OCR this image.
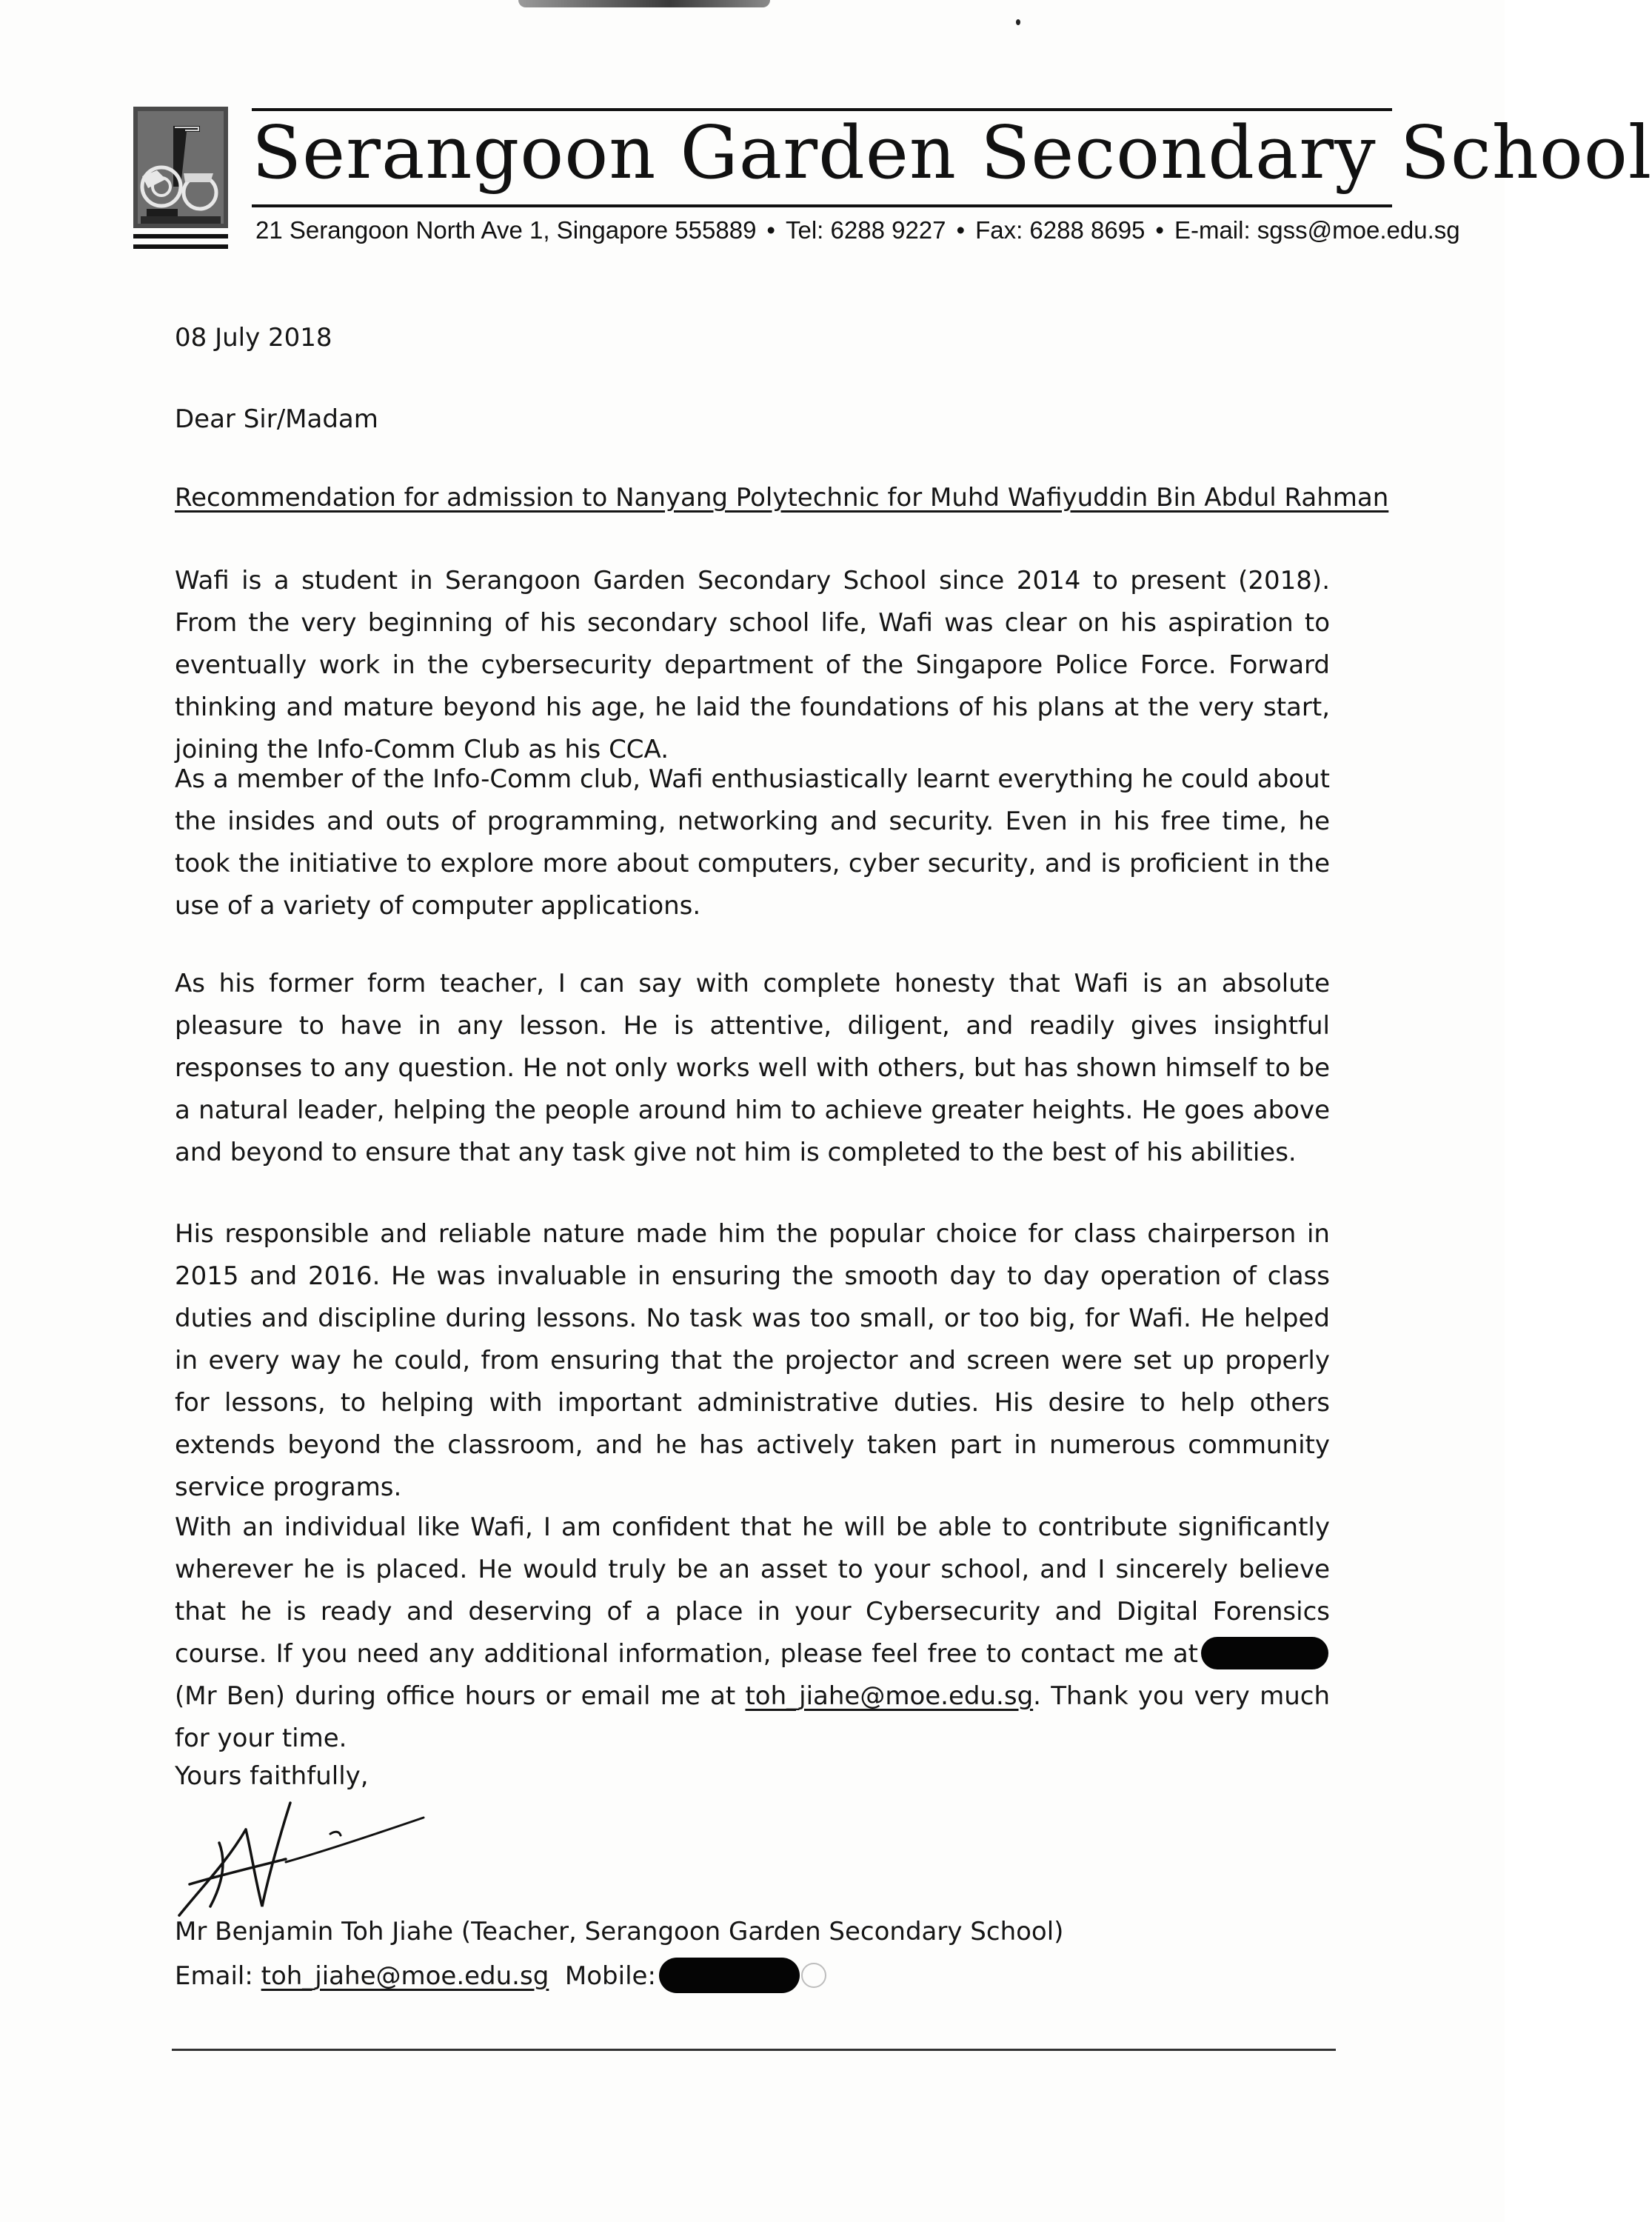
Serangoon Garden Secondary School
21 Serangoon North Ave 1, Singapore 555889 • Tel: 6288 9227 • Fax: 6288 8695 • E-mail: sgss@moe.edu.sg
08 July 2018
Dear Sir/Madam
Recommendation for admission to Nanyang Polytechnic for Muhd Wafiyuddin Bin Abdul Rahman
Wafi is a student in Serangoon Garden Secondary School since 2014 to present (2018). From the very beginning of his secondary school life, Wafi was clear on his aspiration to eventually work in the cybersecurity department of the Singapore Police Force. Forward thinking and mature beyond his age, he laid the foundations of his plans at the very start, joining the Info-Comm Club as his CCA.
As a member of the Info-Comm club, Wafi enthusiastically learnt everything he could about the insides and outs of programming, networking and security. Even in his free time, he took the initiative to explore more about computers, cyber security, and is proficient in the use of a variety of computer applications.
As his former form teacher, I can say with complete honesty that Wafi is an absolute pleasure to have in any lesson. He is attentive, diligent, and readily gives insightful responses to any question. He not only works well with others, but has shown himself to be a natural leader, helping the people around him to achieve greater heights. He goes above and beyond to ensure that any task give not him is completed to the best of his abilities.
His responsible and reliable nature made him the popular choice for class chairperson in 2015 and 2016. He was invaluable in ensuring the smooth day to day operation of class duties and discipline during lessons. No task was too small, or too big, for Wafi. He helped in every way he could, from ensuring that the projector and screen were set up properly for lessons, to helping with important administrative duties. His desire to help others extends beyond the classroom, and he has actively taken part in numerous community service programs.
With an individual like Wafi, I am confident that he will be able to contribute significantly wherever he is placed. He would truly be an asset to your school, and I sincerely believe that he is ready and deserving of a place in your Cybersecurity and Digital Forensics course. If you need any additional information, please feel free to contact me at(Mr Ben) during office hours or email me at toh_jiahe@moe.edu.sg. Thank you very much for your time.
Yours faithfully,
Mr Benjamin Toh Jiahe (Teacher, Serangoon Garden Secondary School)
Email: toh_jiahe@moe.edu.sg Mobile:
